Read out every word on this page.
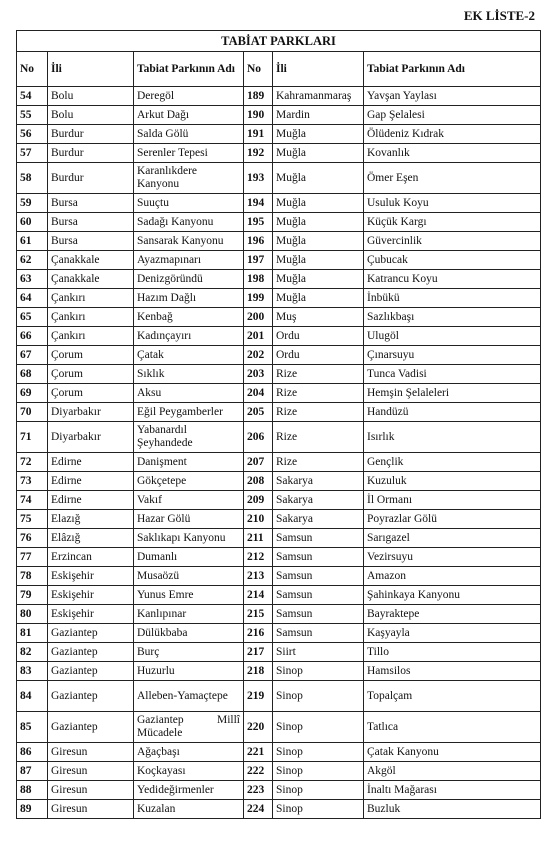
EK LİSTE-2
TABİAT PARKLARI					
No	İli	Tabiat Parkının Adı	No	İli	Tabiat Parkının Adı
54	Bolu	Deregöl	189	Kahramanmaraş	Yavşan Yaylası
55	Bolu	Arkut Dağı	190	Mardin	Gap Şelalesi
56	Burdur	Salda Gölü	191	Muğla	Ölüdeniz Kıdrak
57	Burdur	Serenler Tepesi	192	Muğla	Kovanlık
58	Burdur	Karanlıkdere Kanyonu	193	Muğla	Ömer Eşen
59	Bursa	Suuçtu	194	Muğla	Usuluk Koyu
60	Bursa	Sadağı Kanyonu	195	Muğla	Küçük Kargı
61	Bursa	Sansarak Kanyonu	196	Muğla	Güvercinlik
62	Çanakkale	Ayazmapınarı	197	Muğla	Çubucak
63	Çanakkale	Denizgöründü	198	Muğla	Katrancu Koyu
64	Çankırı	Hazım Dağlı	199	Muğla	İnbükü
65	Çankırı	Kenbağ	200	Muş	Sazlıkbaşı
66	Çankırı	Kadınçayırı	201	Ordu	Ulugöl
67	Çorum	Çatak	202	Ordu	Çınarsuyu
68	Çorum	Sıklık	203	Rize	Tunca Vadisi
69	Çorum	Aksu	204	Rize	Hemşin Şelaleleri
70	Diyarbakır	Eğil Peygamberler	205	Rize	Handüzü
71	Diyarbakır	Yabanardıl Şeyhandede	206	Rize	Isırlık
72	Edirne	Danişment	207	Rize	Gençlik
73	Edirne	Gökçetepe	208	Sakarya	Kuzuluk
74	Edirne	Vakıf	209	Sakarya	İl Ormanı
75	Elazığ	Hazar Gölü	210	Sakarya	Poyrazlar Gölü
76	Elâzığ	Saklıkapı Kanyonu	211	Samsun	Sarıgazel
77	Erzincan	Dumanlı	212	Samsun	Vezirsuyu
78	Eskişehir	Musaözü	213	Samsun	Amazon
79	Eskişehir	Yunus Emre	214	Samsun	Şahinkaya Kanyonu
80	Eskişehir	Kanlıpınar	215	Samsun	Bayraktepe
81	Gaziantep	Dülükbaba	216	Samsun	Kaşyayla
82	Gaziantep	Burç	217	Siirt	Tillo
83	Gaziantep	Huzurlu	218	Sinop	Hamsilos
84	Gaziantep	Alleben-Yamaçtepe	219	Sinop	Topalçam
85	Gaziantep	Gaziantep Millî Mücadele	220	Sinop	Tatlıca
86	Giresun	Ağaçbaşı	221	Sinop	Çatak Kanyonu
87	Giresun	Koçkayası	222	Sinop	Akgöl
88	Giresun	Yedideğirmenler	223	Sinop	İnaltı Mağarası
89	Giresun	Kuzalan	224	Sinop	Buzluk
